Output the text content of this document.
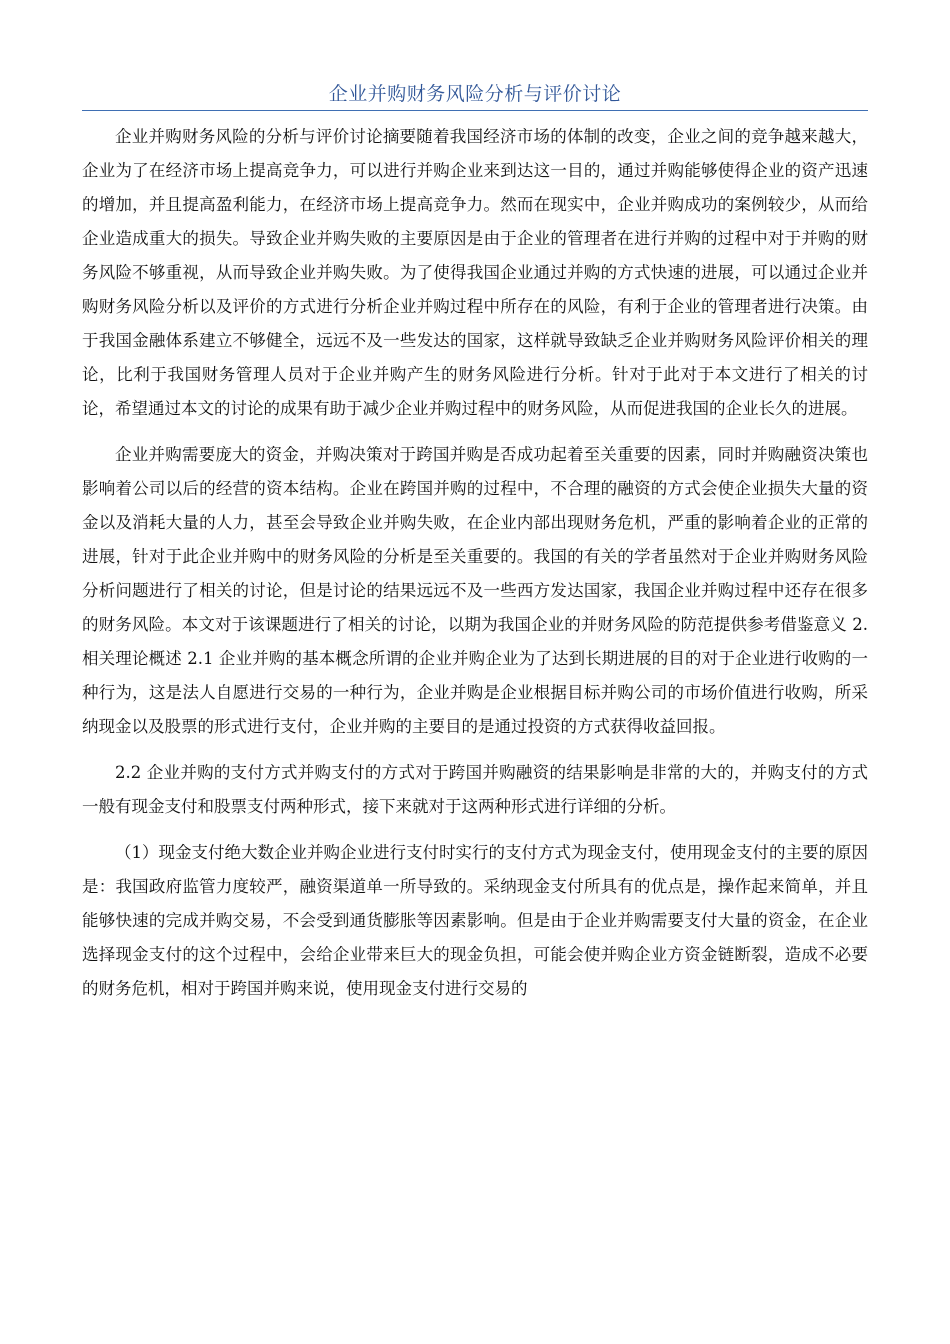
企业并购财务风险分析与评价讨论

企业并购财务风险的分析与评价讨论摘要随着我国经济市场的体制的改变，企业之间的竞争越来越大，企业为了在经济市场上提高竞争力，可以进行并购企业来到达这一目的，通过并购能够使得企业的资产迅速的增加，并且提高盈利能力，在经济市场上提高竞争力。然而在现实中，企业并购成功的案例较少，从而给企业造成重大的损失。导致企业并购失败的主要原因是由于企业的管理者在进行并购的过程中对于并购的财务风险不够重视，从而导致企业并购失败。为了使得我国企业通过并购的方式快速的进展，可以通过企业并购财务风险分析以及评价的方式进行分析企业并购过程中所存在的风险，有利于企业的管理者进行决策。由于我国金融体系建立不够健全，远远不及一些发达的国家，这样就导致缺乏企业并购财务风险评价相关的理论，比利于我国财务管理人员对于企业并购产生的财务风险进行分析。针对于此对于本文进行了相关的讨论，希望通过本文的讨论的成果有助于减少企业并购过程中的财务风险，从而促进我国的企业长久的进展。

企业并购需要庞大的资金，并购决策对于跨国并购是否成功起着至关重要的因素，同时并购融资决策也影响着公司以后的经营的资本结构。企业在跨国并购的过程中，不合理的融资的方式会使企业损失大量的资金以及消耗大量的人力，甚至会导致企业并购失败，在企业内部出现财务危机，严重的影响着企业的正常的进展，针对于此企业并购中的财务风险的分析是至关重要的。我国的有关的学者虽然对于企业并购财务风险分析问题进行了相关的讨论，但是讨论的结果远远不及一些西方发达国家，我国企业并购过程中还存在很多的财务风险。本文对于该课题进行了相关的讨论，以期为我国企业的并财务风险的防范提供参考借鉴意义 2.相关理论概述 2.1 企业并购的基本概念所谓的企业并购企业为了达到长期进展的目的对于企业进行收购的一种行为，这是法人自愿进行交易的一种行为，企业并购是企业根据目标并购公司的市场价值进行收购，所采纳现金以及股票的形式进行支付，企业并购的主要目的是通过投资的方式获得收益回报。

2.2 企业并购的支付方式并购支付的方式对于跨国并购融资的结果影响是非常的大的，并购支付的方式一般有现金支付和股票支付两种形式，接下来就对于这两种形式进行详细的分析。

（1）现金支付绝大数企业并购企业进行支付时实行的支付方式为现金支付，使用现金支付的主要的原因是：我国政府监管力度较严，融资渠道单一所导致的。采纳现金支付所具有的优点是，操作起来简单，并且能够快速的完成并购交易，不会受到通货膨胀等因素影响。但是由于企业并购需要支付大量的资金，在企业选择现金支付的这个过程中，会给企业带来巨大的现金负担，可能会使并购企业方资金链断裂，造成不必要的财务危机，相对于跨国并购来说，使用现金支付进行交易的
